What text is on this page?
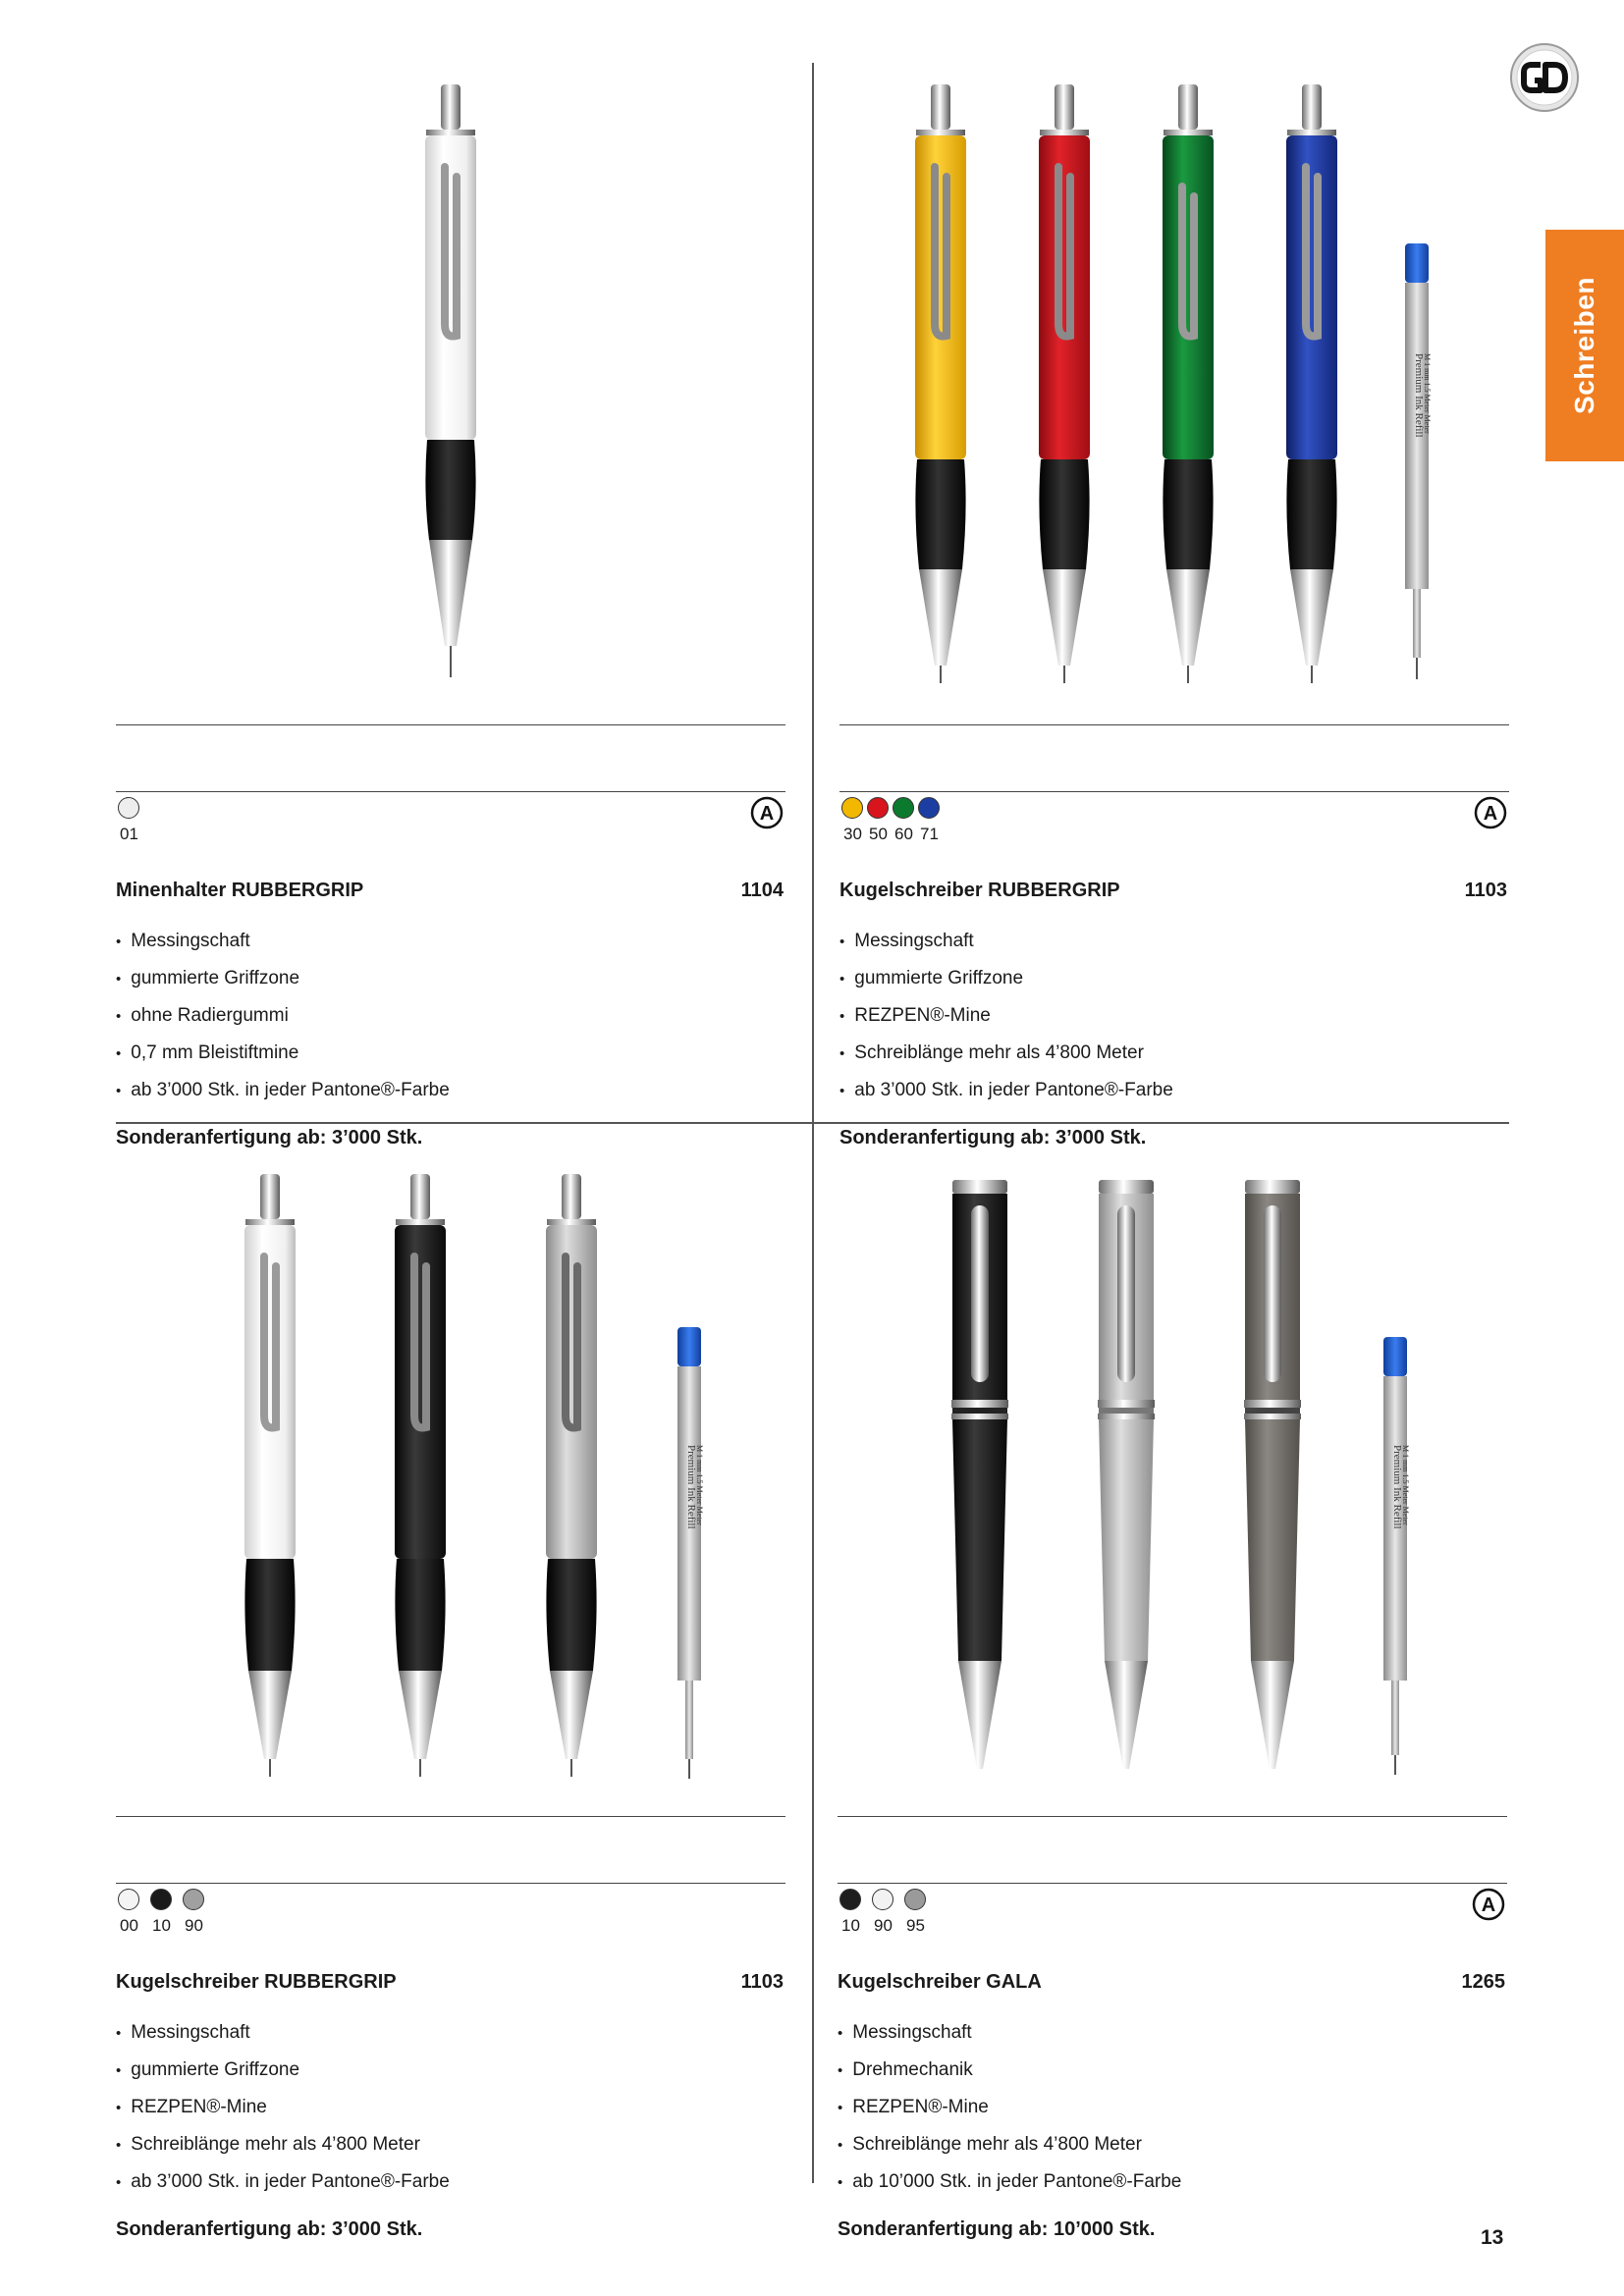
Schreiben
01
A
Minenhalter RUBBERGRIP	1104
• Messingschaft
• gummierte Griffzone
• ohne Radiergummi
• 0,7 mm Bleistiftmine
• ab 3’000 Stk. in jeder Pantone®-Farbe
Sonderanfertigung ab: 3’000 Stk.
Premium Ink Refill
M 1 mm 1.5 Meter Meter
30 50 60 71
A
Kugelschreiber RUBBERGRIP	1103
• Messingschaft
• gummierte Griffzone
• REZPEN®-Mine
• Schreiblänge mehr als 4’800 Meter
• ab 3’000 Stk. in jeder Pantone®-Farbe
Sonderanfertigung ab: 3’000 Stk.
Premium Ink Refill
M 1 mm 1.5 Meter Meter
00 10 90
Kugelschreiber RUBBERGRIP	1103
• Messingschaft
• gummierte Griffzone
• REZPEN®-Mine
• Schreiblänge mehr als 4’800 Meter
• ab 3’000 Stk. in jeder Pantone®-Farbe
Sonderanfertigung ab: 3’000 Stk.
Premium Ink Refill
M 1 mm 1.5 Meter Meter
10 90 95
A
Kugelschreiber GALA	1265
• Messingschaft
• Drehmechanik
• REZPEN®-Mine
• Schreiblänge mehr als 4’800 Meter
• ab 10’000 Stk. in jeder Pantone®-Farbe
Sonderanfertigung ab: 10’000 Stk.	13
